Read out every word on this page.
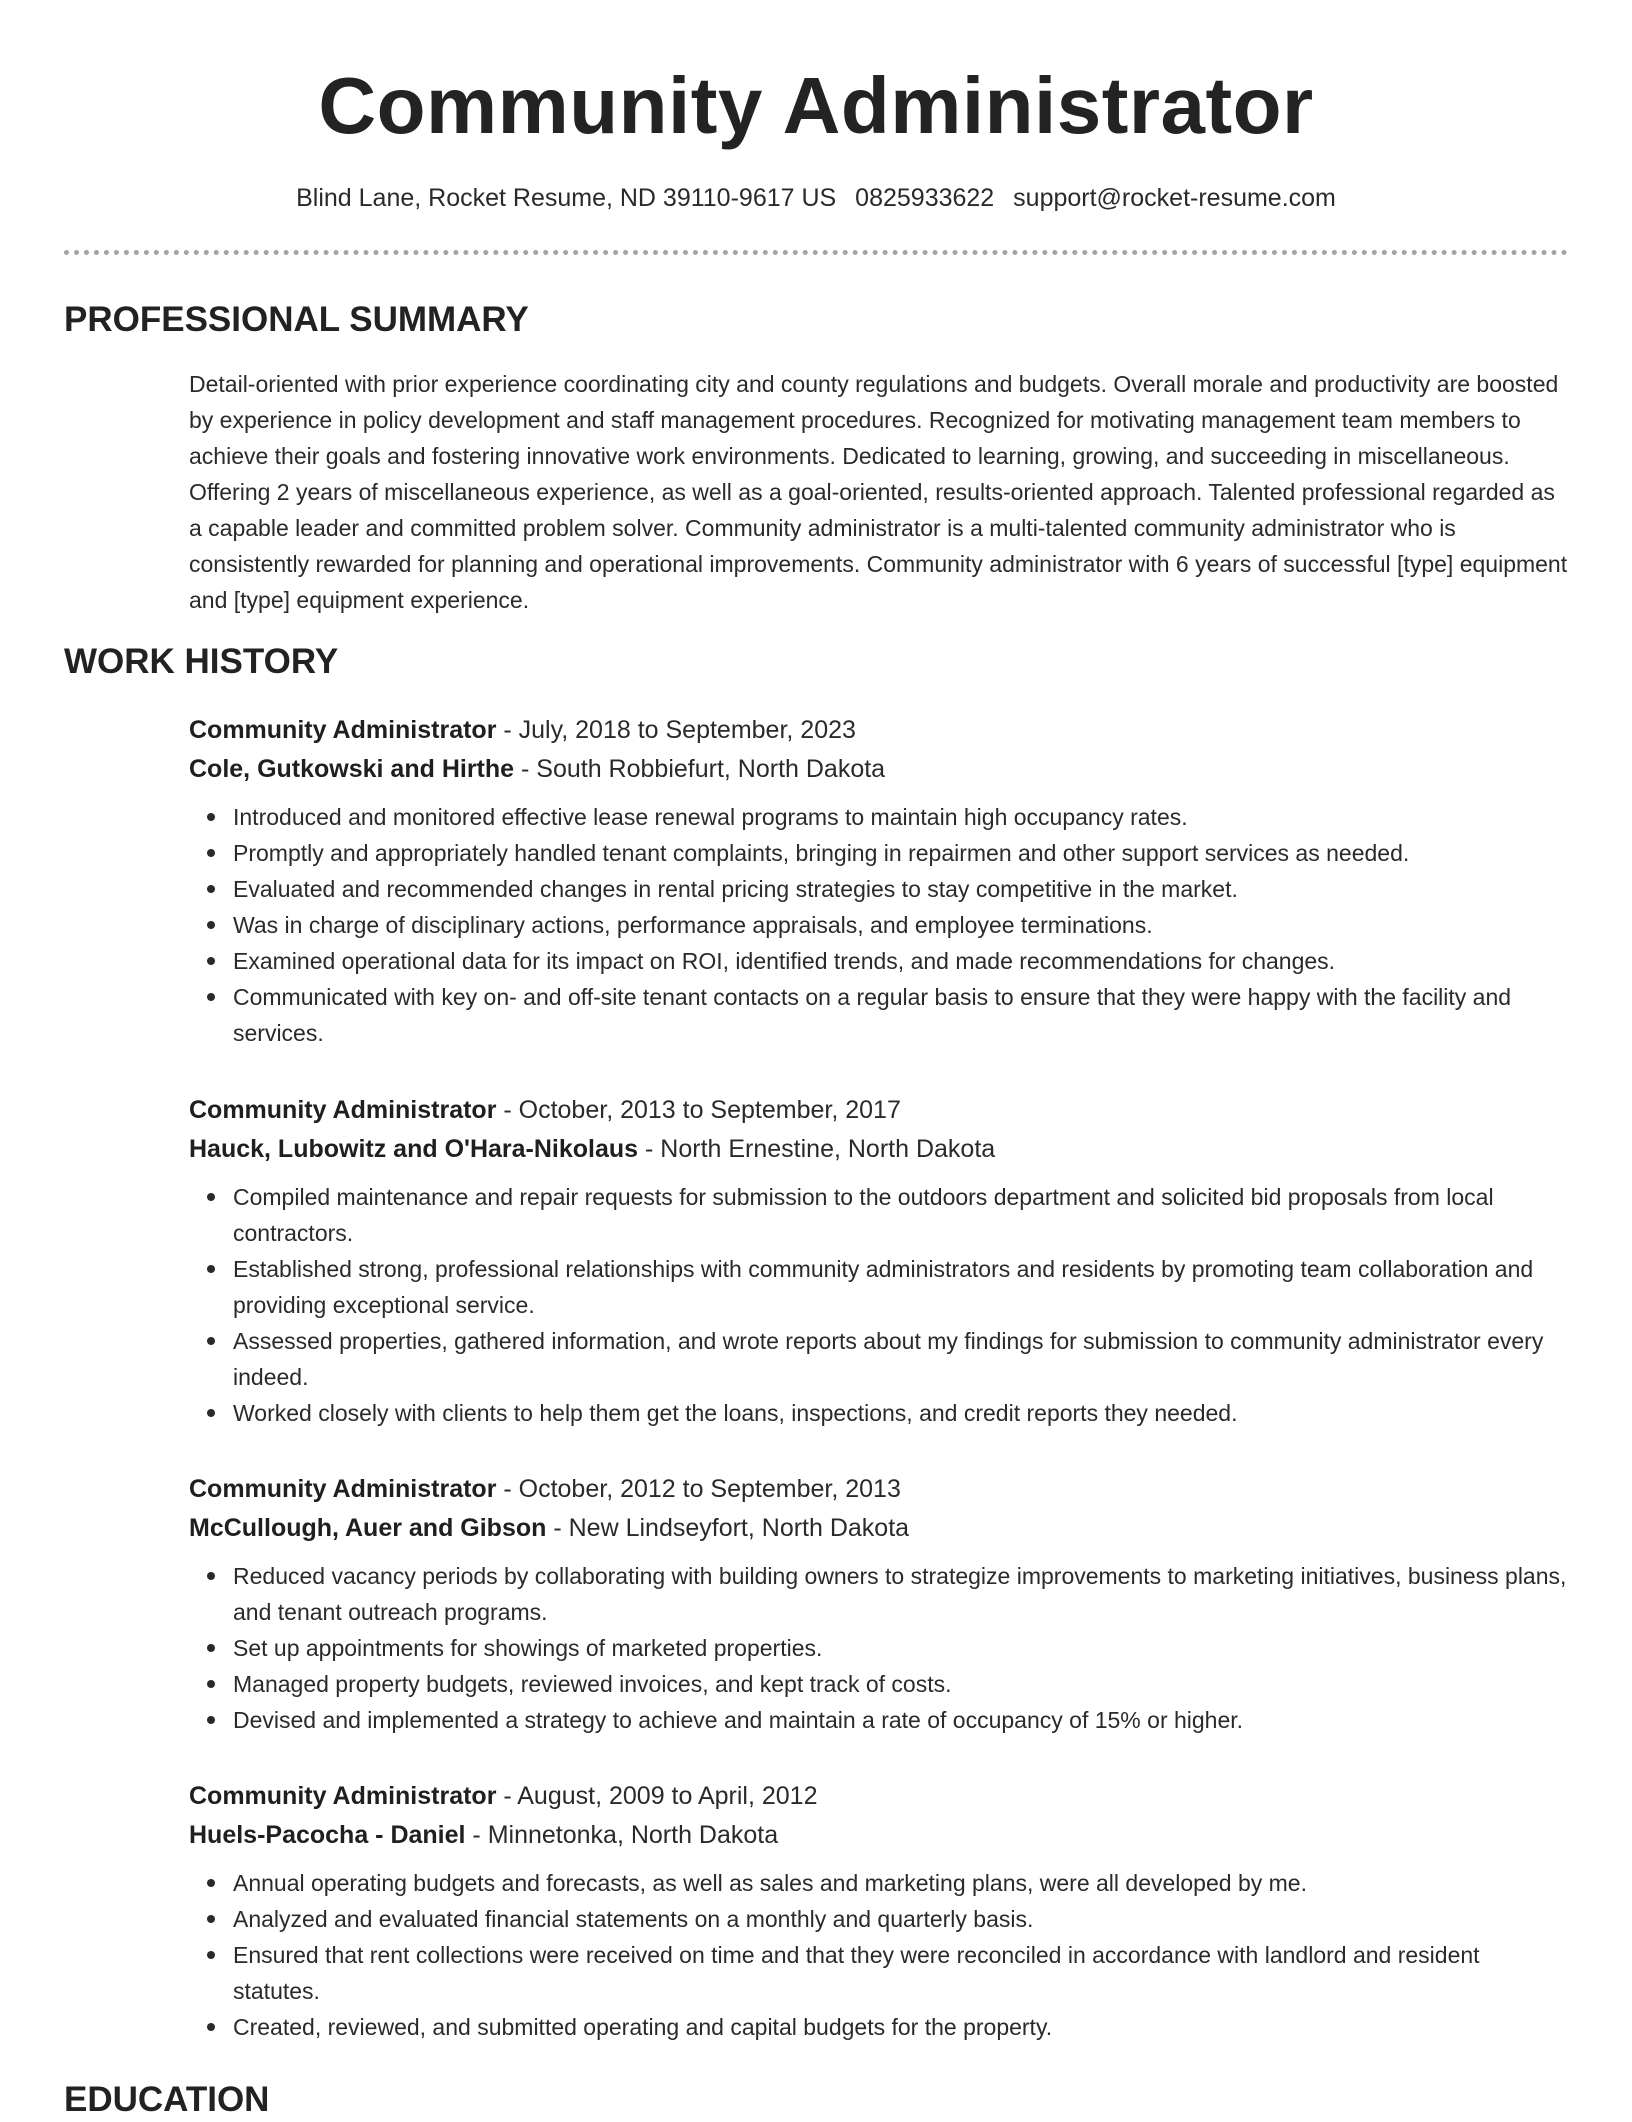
Community Administrator
Blind Lane, Rocket Resume, ND 39110-9617 US 0825933622 support@rocket-resume.com
PROFESSIONAL SUMMARY

Detail-oriented with prior experience coordinating city and county regulations and budgets. Overall morale and productivity are boosted by experience in policy development and staff management procedures. Recognized for motivating management team members to achieve their goals and fostering innovative work environments. Dedicated to learning, growing, and succeeding in miscellaneous. Offering 2 years of miscellaneous experience, as well as a goal-oriented, results-oriented approach. Talented professional regarded as a capable leader and committed problem solver. Community administrator is a multi-talented community administrator who is consistently rewarded for planning and operational improvements. Community administrator with 6 years of successful [type] equipment and [type] equipment experience.

WORK HISTORY
Community Administrator - July, 2018 to September, 2023
Cole, Gutkowski and Hirthe - South Robbiefurt, North Dakota
Introduced and monitored effective lease renewal programs to maintain high occupancy rates.
Promptly and appropriately handled tenant complaints, bringing in repairmen and other support services as needed.
Evaluated and recommended changes in rental pricing strategies to stay competitive in the market.
Was in charge of disciplinary actions, performance appraisals, and employee terminations.
Examined operational data for its impact on ROI, identified trends, and made recommendations for changes.
Communicated with key on- and off-site tenant contacts on a regular basis to ensure that they were happy with the facility and services.
Community Administrator - October, 2013 to September, 2017
Hauck, Lubowitz and O'Hara-Nikolaus - North Ernestine, North Dakota
Compiled maintenance and repair requests for submission to the outdoors department and solicited bid proposals from local contractors.
Established strong, professional relationships with community administrators and residents by promoting team collaboration and providing exceptional service.
Assessed properties, gathered information, and wrote reports about my findings for submission to community administrator every indeed.
Worked closely with clients to help them get the loans, inspections, and credit reports they needed.
Community Administrator - October, 2012 to September, 2013
McCullough, Auer and Gibson - New Lindseyfort, North Dakota
Reduced vacancy periods by collaborating with building owners to strategize improvements to marketing initiatives, business plans, and tenant outreach programs.
Set up appointments for showings of marketed properties.
Managed property budgets, reviewed invoices, and kept track of costs.
Devised and implemented a strategy to achieve and maintain a rate of occupancy of 15% or higher.
Community Administrator - August, 2009 to April, 2012
Huels-Pacocha - Daniel - Minnetonka, North Dakota
Annual operating budgets and forecasts, as well as sales and marketing plans, were all developed by me.
Analyzed and evaluated financial statements on a monthly and quarterly basis.
Ensured that rent collections were received on time and that they were reconciled in accordance with landlord and resident statutes.
Created, reviewed, and submitted operating and capital budgets for the property.
EDUCATION
